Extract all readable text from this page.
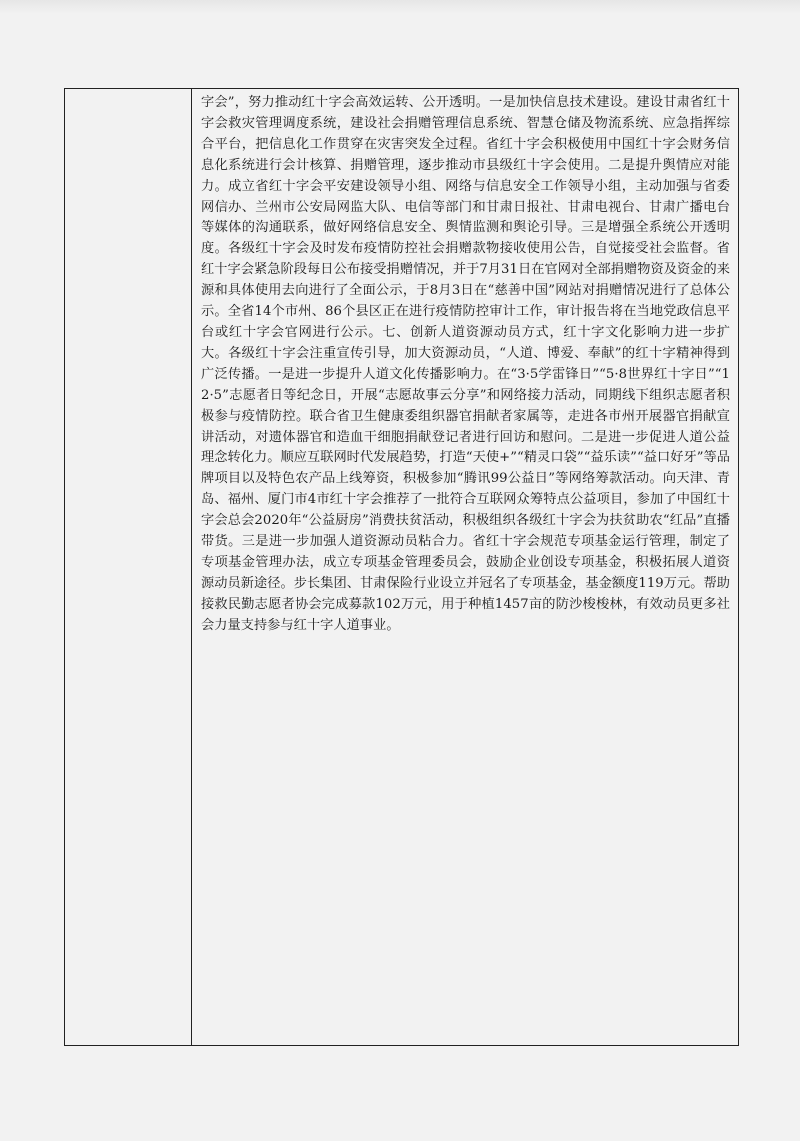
字会”，努力推动红十字会高效运转、公开透明。一是加快信息技术建设。建设甘肃省红十字会救灾管理调度系统，建设社会捐赠管理信息系统、智慧仓储及物流系统、应急指挥综合平台，把信息化工作贯穿在灾害突发全过程。省红十字会积极使用中国红十字会财务信息化系统进行会计核算、捐赠管理，逐步推动市县级红十字会使用。二是提升舆情应对能力。成立省红十字会平安建设领导小组、网络与信息安全工作领导小组，主动加强与省委网信办、兰州市公安局网监大队、电信等部门和甘肃日报社、甘肃电视台、甘肃广播电台等媒体的沟通联系，做好网络信息安全、舆情监测和舆论引导。三是增强全系统公开透明度。各级红十字会及时发布疫情防控社会捐赠款物接收使用公告，自觉接受社会监督。省红十字会紧急阶段每日公布接受捐赠情况，并于7月31日在官网对全部捐赠物资及资金的来源和具体使用去向进行了全面公示，于8月3日在“慈善中国”网站对捐赠情况进行了总体公示。全省14个市州、86个县区正在进行疫情防控审计工作，审计报告将在当地党政信息平台或红十字会官网进行公示。七、创新人道资源动员方式，红十字文化影响力进一步扩大。各级红十字会注重宣传引导，加大资源动员，“人道、博爱、奉献”的红十字精神得到广泛传播。一是进一步提升人道文化传播影响力。在“3·5学雷锋日”“5·8世界红十字日”“12·5”志愿者日等纪念日，开展“志愿故事云分享”和网络接力活动，同期线下组织志愿者积极参与疫情防控。联合省卫生健康委组织器官捐献者家属等，走进各市州开展器官捐献宣讲活动，对遗体器官和造血干细胞捐献登记者进行回访和慰问。二是进一步促进人道公益理念转化力。顺应互联网时代发展趋势，打造“天使+”“精灵口袋”“益乐读”“益口好牙”等品牌项目以及特色农产品上线筹资，积极参加“腾讯99公益日”等网络筹款活动。向天津、青岛、福州、厦门市4市红十字会推荐了一批符合互联网众筹特点公益项目，参加了中国红十字会总会2020年“公益厨房”消费扶贫活动，积极组织各级红十字会为扶贫助农“红品”直播带货。三是进一步加强人道资源动员粘合力。省红十字会规范专项基金运行管理，制定了专项基金管理办法，成立专项基金管理委员会，鼓励企业创设专项基金，积极拓展人道资源动员新途径。步长集团、甘肃保险行业设立并冠名了专项基金，基金额度119万元。帮助接救民勤志愿者协会完成募款102万元，用于种植1457亩的防沙梭梭林，有效动员更多社会力量支持参与红十字人道事业。
